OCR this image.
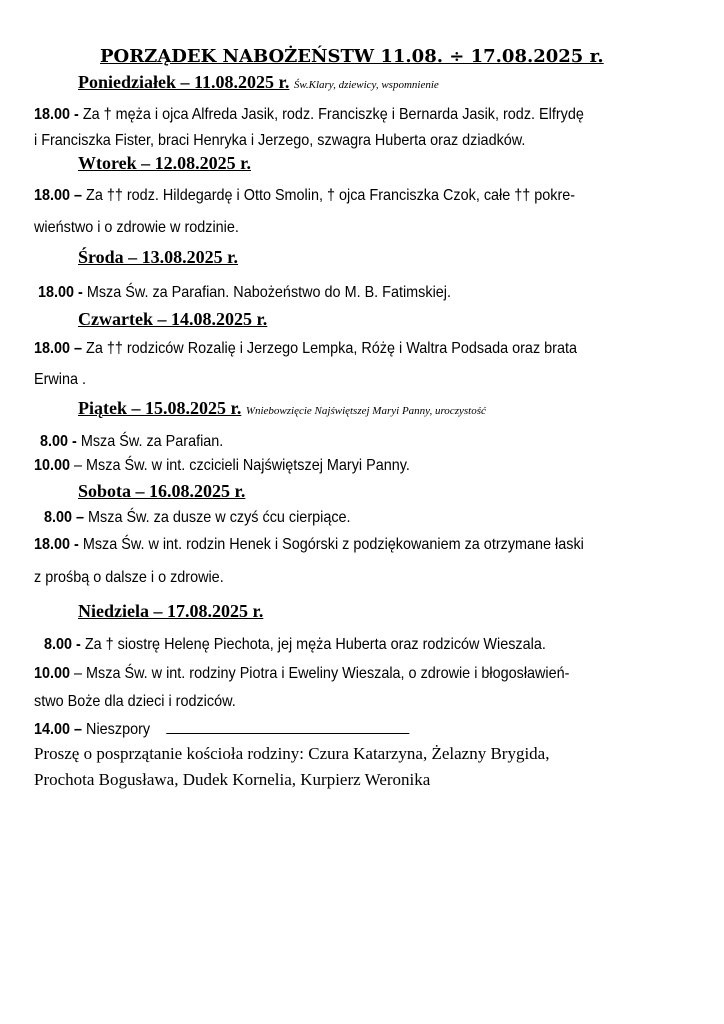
PORZĄDEK NABOŻEŃSTW 11.08. ÷ 17.08.2025 r.
Poniedziałek – 11.08.2025 r. Św.Klary, dziewicy, wspomnienie
18.00 - Za † męża i ojca Alfreda Jasik, rodz. Franciszkę i Bernarda Jasik, rodz. Elfrydę
i Franciszka Fister, braci Henryka i Jerzego, szwagra Huberta oraz dziadków.
Wtorek – 12.08.2025 r.
18.00 – Za †† rodz. Hildegardę i Otto Smolin, † ojca Franciszka Czok, całe †† pokre-
wieństwo i o zdrowie w rodzinie.
Środa – 13.08.2025 r.
18.00 - Msza Św. za Parafian. Nabożeństwo do M. B. Fatimskiej.
Czwartek – 14.08.2025 r.
18.00 – Za †† rodziców Rozalię i Jerzego Lempka, Różę i Waltra Podsada oraz brata
Erwina .
Piątek – 15.08.2025 r. Wniebowzięcie Najświętszej Maryi Panny, uroczystość
8.00 - Msza Św. za Parafian.
10.00 – Msza Św. w int. czcicieli Najświętszej Maryi Panny.
Sobota – 16.08.2025 r.
8.00 – Msza Św. za dusze w czyś ćcu cierpiące.
18.00 - Msza Św. w int. rodzin Henek i Sogórski z podziękowaniem za otrzymane łaski
z prośbą o dalsze i o zdrowie.
Niedziela – 17.08.2025 r.
8.00 - Za † siostrę Helenę Piechota, jej męża Huberta oraz rodziców Wieszala.
10.00 – Msza Św. w int. rodziny Piotra i Eweliny Wieszala, o zdrowie i błogosławień-
stwo Boże dla dzieci i rodziców.
14.00 – Nieszpory
Proszę o posprzątanie kościoła rodziny: Czura Katarzyna, Żelazny Brygida,
Prochota Bogusława, Dudek Kornelia, Kurpierz Weronika
